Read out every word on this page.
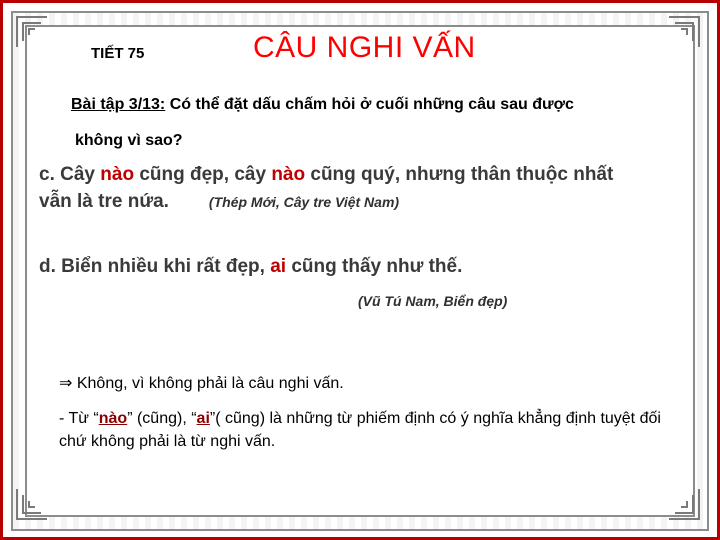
TIẾT 75	CÂU NGHI VẤN
Bài tập 3/13: Có thể đặt dấu chấm hỏi ở cuối những câu sau được
không vì sao?
c. Cây nào cũng đẹp, cây nào cũng quý, nhưng thân thuộc nhất
vẫn là tre nứa.	(Thép Mới, Cây tre Việt Nam)
d. Biển nhiều khi rất đẹp, ai cũng thấy như thế.
(Vũ Tú Nam, Biển đẹp)
⇒ Không, vì không phải là câu nghi vấn.
- Từ “nào” (cũng), “ai”( cũng) là những từ phiếm định có ý nghĩa khẳng định tuyệt đối chứ không phải là từ nghi vấn.
